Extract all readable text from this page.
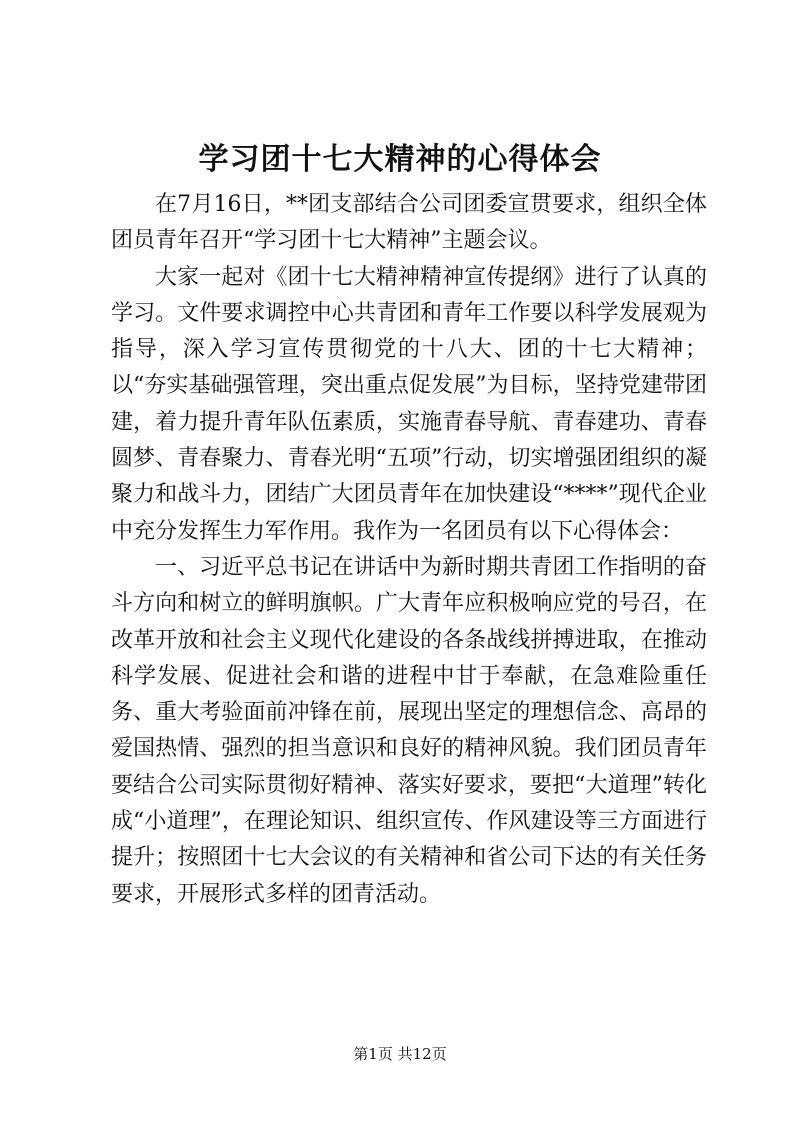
学习团十七大精神的心得体会

在7月16日，**团支部结合公司团委宣贯要求，组织全体团员青年召开“学习团十七大精神”主题会议。

大家一起对《团十七大精神精神宣传提纲》进行了认真的学习。文件要求调控中心共青团和青年工作要以科学发展观为指导，深入学习宣传贯彻党的十八大、团的十七大精神；以“夯实基础强管理，突出重点促发展”为目标，坚持党建带团建，着力提升青年队伍素质，实施青春导航、青春建功、青春圆梦、青春聚力、青春光明“五项”行动，切实增强团组织的凝聚力和战斗力，团结广大团员青年在加快建设“****”现代企业中充分发挥生力军作用。我作为一名团员有以下心得体会：

一、习近平总书记在讲话中为新时期共青团工作指明的奋斗方向和树立的鲜明旗帜。广大青年应积极响应党的号召，在改革开放和社会主义现代化建设的各条战线拼搏进取，在推动科学发展、促进社会和谐的进程中甘于奉献，在急难险重任务、重大考验面前冲锋在前，展现出坚定的理想信念、高昂的爱国热情、强烈的担当意识和良好的精神风貌。我们团员青年要结合公司实际贯彻好精神、落实好要求，要把“大道理”转化成“小道理”，在理论知识、组织宣传、作风建设等三方面进行提升；按照团十七大会议的有关精神和省公司下达的有关任务要求，开展形式多样的团青活动。

第1页 共12页
